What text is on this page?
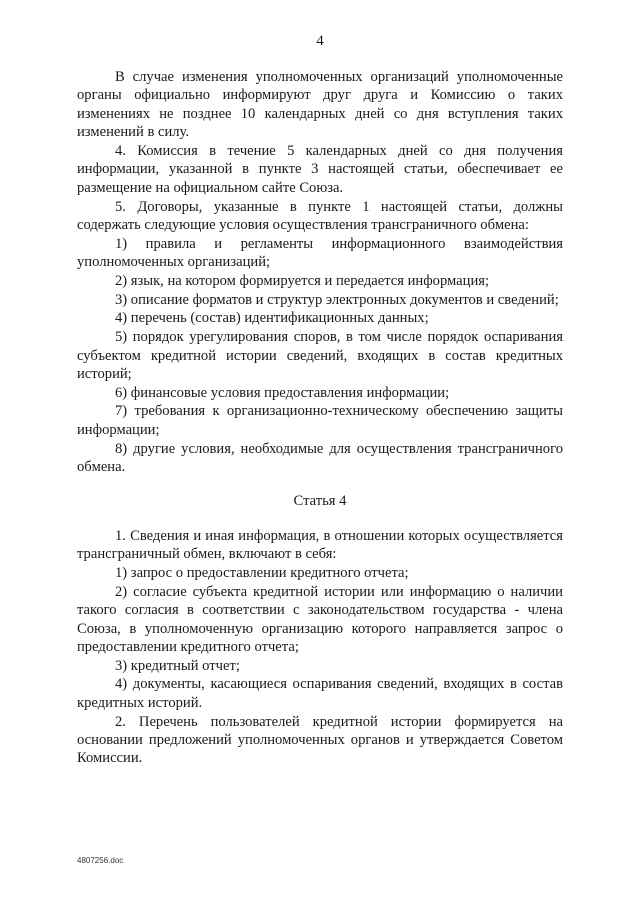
4

В случае изменения уполномоченных организаций уполномоченные органы официально информируют друг друга и Комиссию о таких изменениях не позднее 10 календарных дней со дня вступления таких изменений в силу.

4. Комиссия в течение 5 календарных дней со дня получения информации, указанной в пункте 3 настоящей статьи, обеспечивает ее размещение на официальном сайте Союза.

5. Договоры, указанные в пункте 1 настоящей статьи, должны содержать следующие условия осуществления трансграничного обмена:

1) правила и регламенты информационного взаимодействия уполномоченных организаций;

2) язык, на котором формируется и передается информация;

3) описание форматов и структур электронных документов и сведений;

4) перечень (состав) идентификационных данных;

5) порядок урегулирования споров, в том числе порядок оспаривания субъектом кредитной истории сведений, входящих в состав кредитных историй;

6) финансовые условия предоставления информации;

7) требования к организационно-техническому обеспечению защиты информации;

8) другие условия, необходимые для осуществления трансграничного обмена.

Статья 4

1. Сведения и иная информация, в отношении которых осуществляется трансграничный обмен, включают в себя:

1) запрос о предоставлении кредитного отчета;

2) согласие субъекта кредитной истории или информацию о наличии такого согласия в соответствии с законодательством государства - члена Союза, в уполномоченную организацию которого направляется запрос о предоставлении кредитного отчета;

3) кредитный отчет;

4) документы, касающиеся оспаривания сведений, входящих в состав кредитных историй.

2. Перечень пользователей кредитной истории формируется на основании предложений уполномоченных органов и утверждается Советом Комиссии.

4807256.doc
